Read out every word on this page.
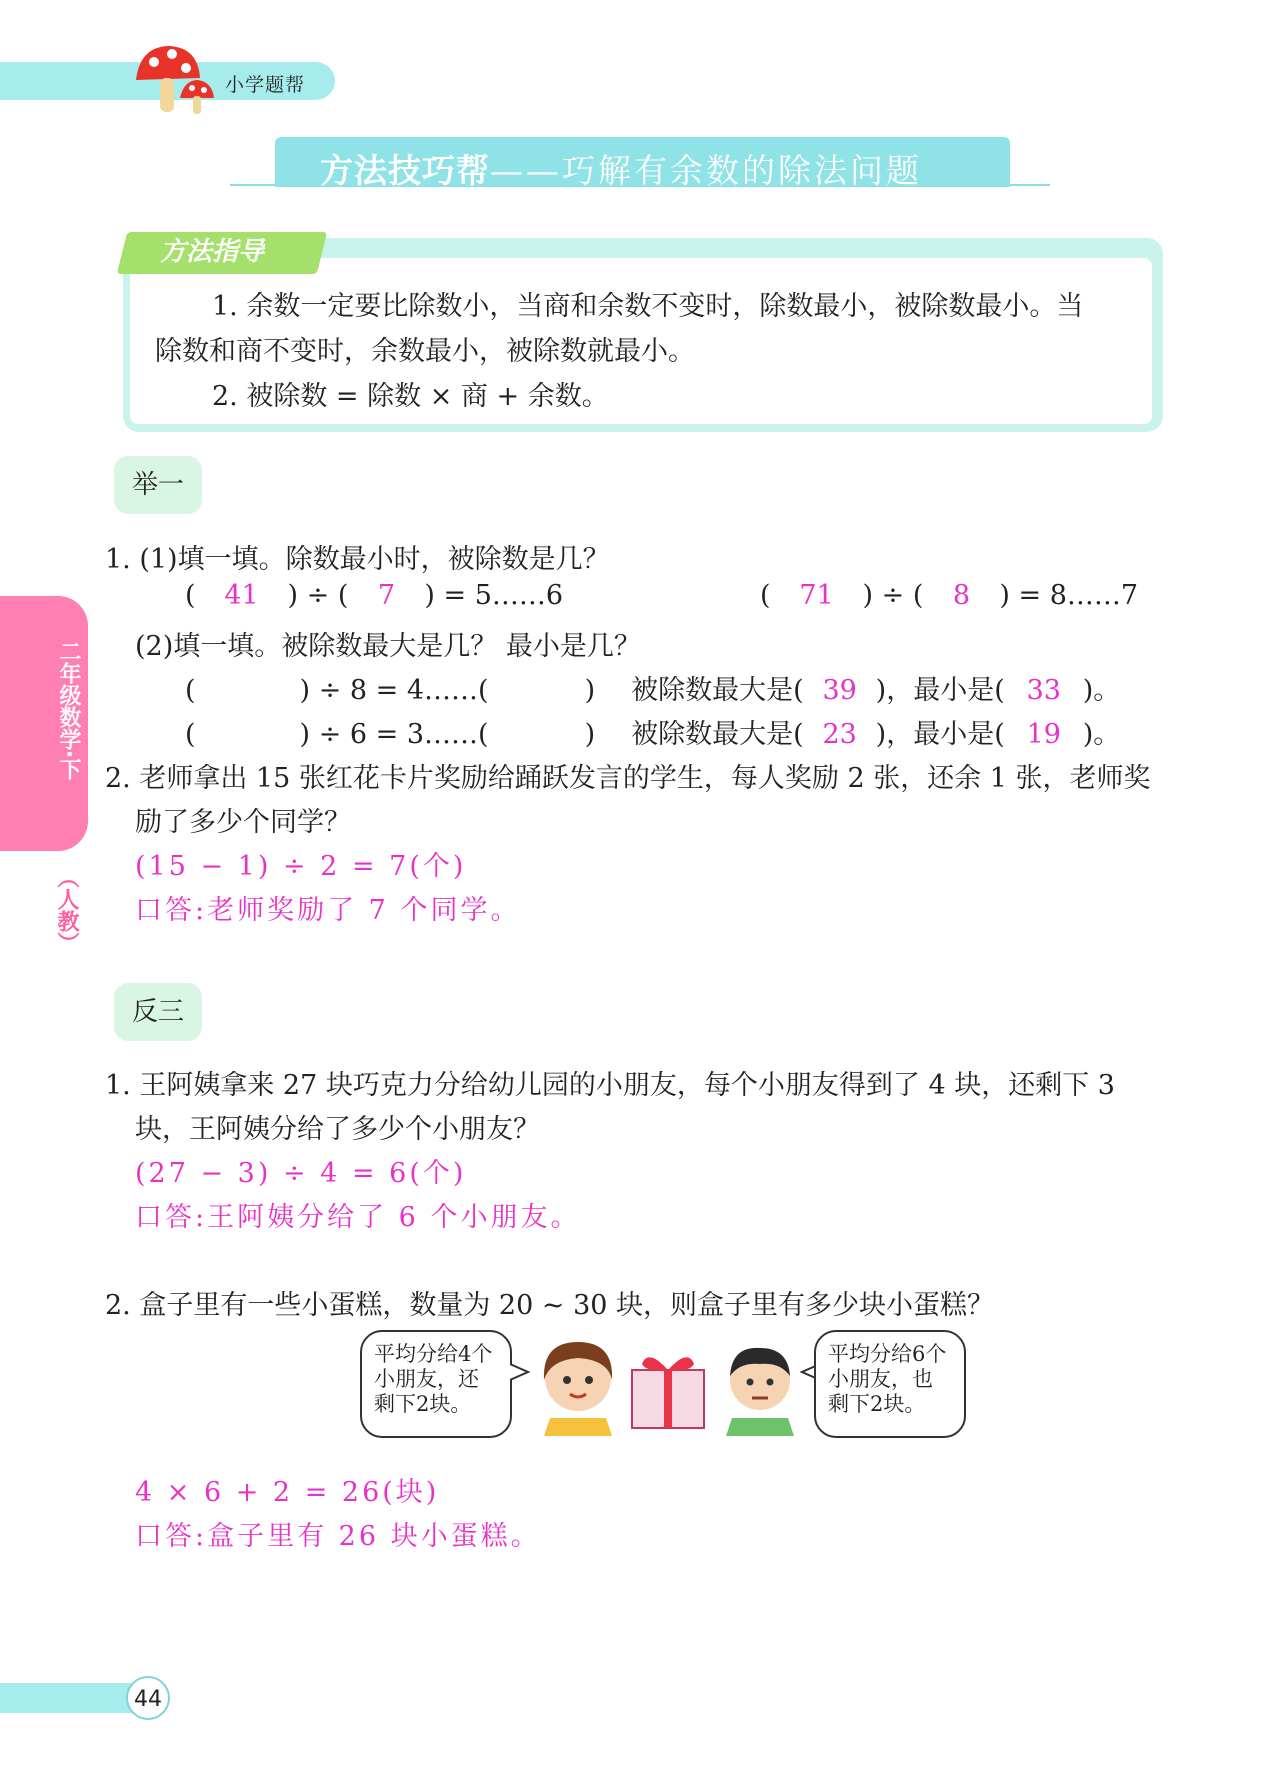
小学题帮
方法技巧帮——巧解有余数的除法问题
方法指导
1. 余数一定要比除数小，当商和余数不变时，除数最小，被除数最小。当
除数和商不变时，余数最小，被除数就最小。
2. 被除数 = 除数 × 商 + 余数。
二年级数学·下
（人教）
举一
1. (1)填一填。除数最小时，被除数是几？
( 41 ) ÷ ( 7 ) = 5……6	( 71 ) ÷ ( 8 ) = 8……7
(2)填一填。被除数最大是几？ 最小是几？
(	) ÷ 8 = 4……(	) 被除数最大是( 39 )，最小是( 33 )。
(	) ÷ 6 = 3……(	) 被除数最大是( 23 )，最小是( 19 )。
2. 老师拿出 15 张红花卡片奖励给踊跃发言的学生，每人奖励 2 张，还余 1 张，老师奖
励了多少个同学？
(15 − 1) ÷ 2 = 7(个)
口答:老师奖励了 7 个同学。
反三
1. 王阿姨拿来 27 块巧克力分给幼儿园的小朋友，每个小朋友得到了 4 块，还剩下 3
块，王阿姨分给了多少个小朋友？
(27 − 3) ÷ 4 = 6(个)
口答:王阿姨分给了 6 个小朋友。
2. 盒子里有一些小蛋糕，数量为 20 ~ 30 块，则盒子里有多少块小蛋糕？
平均分给4个小朋友，还剩下2块。
平均分给6个小朋友，也剩下2块。
4 × 6 + 2 = 26(块)
口答:盒子里有 26 块小蛋糕。
44
